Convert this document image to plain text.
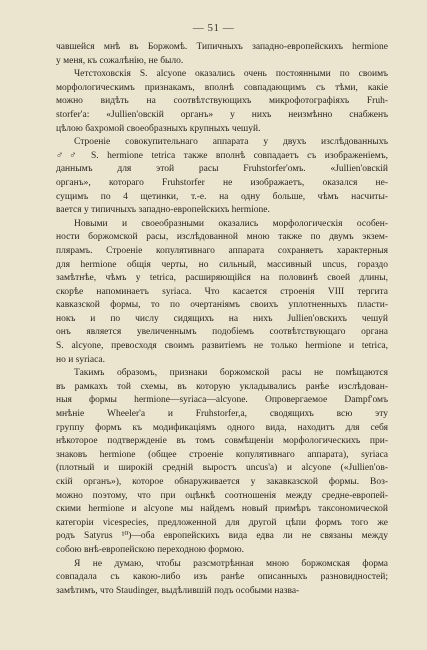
— 51 —
чавшейся мнѣ въ Боржомѣ. Типичныхъ западно-европейскихъ hermione
у меня, къ сожалѣнію, не было.
Четстоховскія S. alcyone оказались очень постоянными по своимъ
морфологическимъ признакамъ, вполнѣ совпадающимъ съ тѣми, какіе
можно видѣть на соотвѣтствующихъ микрофотографіяхъ Fruh-
storfer'a: «Jullien'овскій органъ» у нихъ неизмѣнно снабженъ
цѣлою бахромой своеобразныхъ крупныхъ чешуй.
Строеніе совокупительнаго аппарата у двухъ изслѣдованныхъ
♂♂ S. hermione tetrica также вполнѣ совпадаетъ съ изображеніемъ,
даннымъ для этой расы Fruhstorfer'омъ. «Jullien'овскій
органъ», котораго Fruhstorfer не изображаетъ, оказался не-
сущимъ по 4 щетинки, т.-е. на одну больше, чѣмъ насчиты-
вается у типичныхъ западно-европейскихъ hermione.
Новыми и своеобразными оказались морфологическія особен-
ности боржомской расы, изслѣдованной мною также по двумъ экзем-
плярамъ. Строеніе копулятивнаго аппарата сохраняетъ характерныя
для hermione общія черты, но сильный, массивный uncus, гораздо
замѣтнѣе, чѣмъ у tetrica, расширяющійся на половинѣ своей длины,
скорѣе напоминаетъ syriaca. Что касается строенія VIII тергита
кавказской формы, то по очертаніямъ своихъ уплотненныхъ пласти-
нокъ и по числу сидящихъ на нихъ Jullien'овскихъ чешуй
онъ является увеличеннымъ подобіемъ соотвѣтствующаго органа
S. alcyone, превосходя своимъ развитіемъ не только hermione и tetrica,
но и syriaca.
Такимъ образомъ, признаки боржомской расы не помѣщаются
въ рамкахъ той схемы, въ которую укладывались ранѣе изслѣдован-
ныя формы hermione—syriaca—alcyone. Опровергаемое Dampf'омъ
мнѣніе Wheeler'a и Fruhstorfer,a, сводящихъ всю эту
группу формъ къ модификаціямъ одного вида, находитъ для себя
нѣкоторое подтвержденіе въ томъ совмѣщеніи морфологическихъ при-
знаковъ hermione (общее строеніе копулятивнаго аппарата), syriaca
(плотный и широкій средній выростъ uncus'a) и alcyone («Jullien'ов-
скій органъ»), которое обнаруживается у закавказской формы. Воз-
можно поэтому, что при оцѣнкѣ соотношенія между средне-европей-
скими hermione и alcyone мы найдемъ новый примѣръ таксономической
категоріи vicespecies, предложенной для другой цѣпи формъ того же
родъ Satyrus ¹⁰)—оба европейскихъ вида едва ли не связаны между
собою внѣ-европейскою переходною формою.
Я не думаю, чтобы разсмотрѣнная мною боржомская форма
совпадала съ какою-либо изъ ранѣе описанныхъ разновидностей;
замѣтимъ, что Staudinger, выдѣлившій подъ особыми назва-
